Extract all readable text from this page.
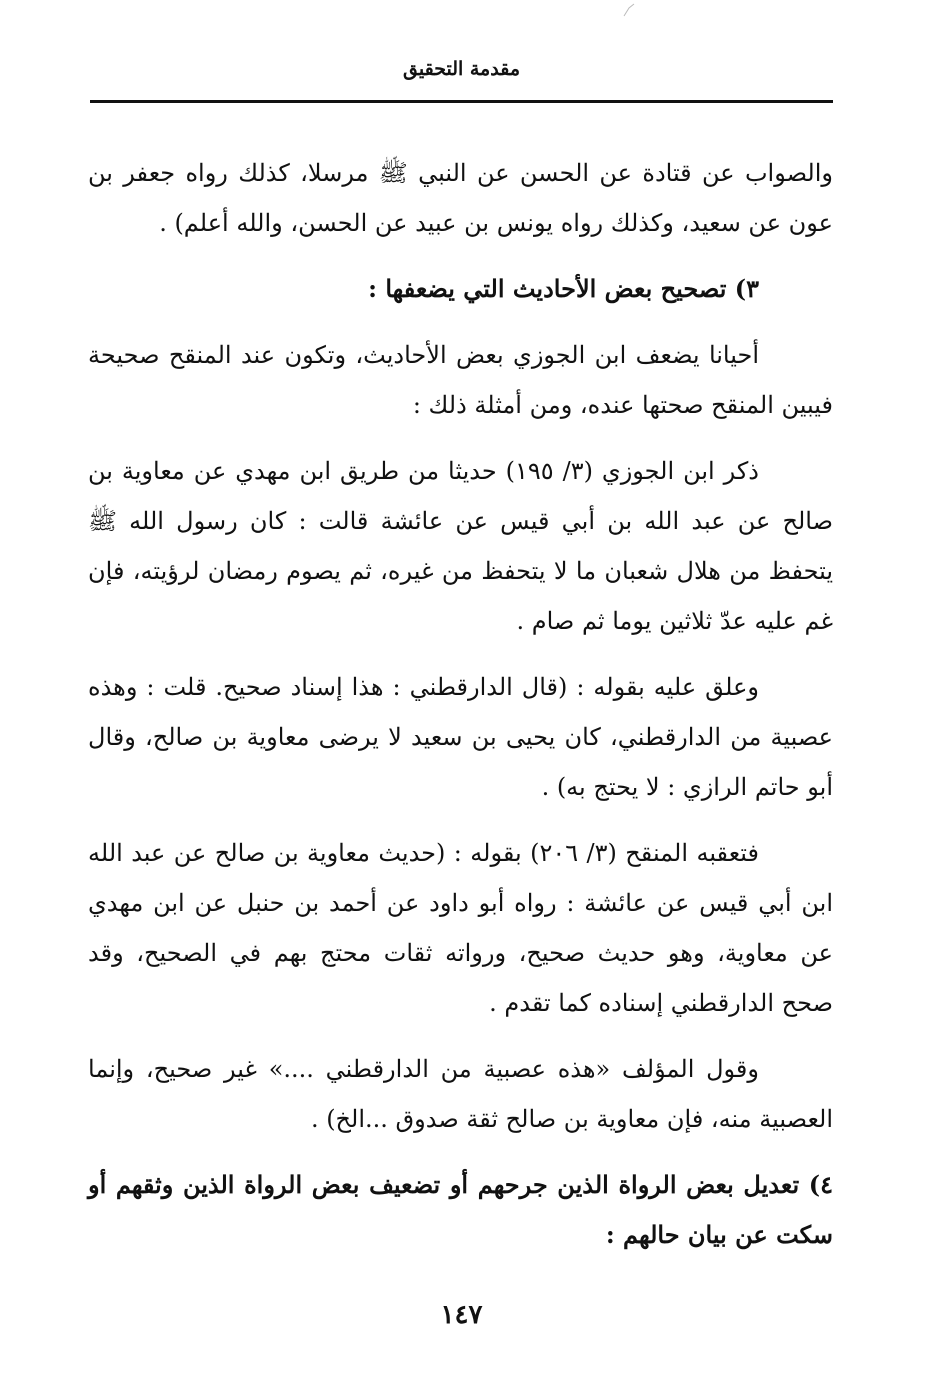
مقدمة التحقيق

والصواب عن قتادة عن الحسن عن النبي ﷺ مرسلا، كذلك رواه جعفر بن عون عن سعيد، وكذلك رواه يونس بن عبيد عن الحسن، والله أعلم) .

٣) تصحيح بعض الأحاديث التي يضعفها :

أحيانا يضعف ابن الجوزي بعض الأحاديث، وتكون عند المنقح صحيحة فيبين المنقح صحتها عنده، ومن أمثلة ذلك :

ذكر ابن الجوزي (٣/ ١٩٥) حديثا من طريق ابن مهدي عن معاوية بن صالح عن عبد الله بن أبي قيس عن عائشة قالت : كان رسول الله ﷺ يتحفظ من هلال شعبان ما لا يتحفظ من غيره، ثم يصوم رمضان لرؤيته، فإن غم عليه عدّ ثلاثين يوما ثم صام .

وعلق عليه بقوله : (قال الدارقطني : هذا إسناد صحيح. قلت : وهذه عصبية من الدارقطني، كان يحيى بن سعيد لا يرضى معاوية بن صالح، وقال أبو حاتم الرازي : لا يحتج به) .

فتعقبه المنقح (٣/ ٢٠٦) بقوله : (حديث معاوية بن صالح عن عبد الله ابن أبي قيس عن عائشة : رواه أبو داود عن أحمد بن حنبل عن ابن مهدي عن معاوية، وهو حديث صحيح، ورواته ثقات محتج بهم في الصحيح، وقد صحح الدارقطني إسناده كما تقدم .

وقول المؤلف «هذه عصبية من الدارقطني ....» غير صحيح، وإنما العصبية منه، فإن معاوية بن صالح ثقة صدوق ...الخ) .

٤) تعديل بعض الرواة الذين جرحهم أو تضعيف بعض الرواة الذين وثقهم أو سكت عن بيان حالهم :

١٤٧
